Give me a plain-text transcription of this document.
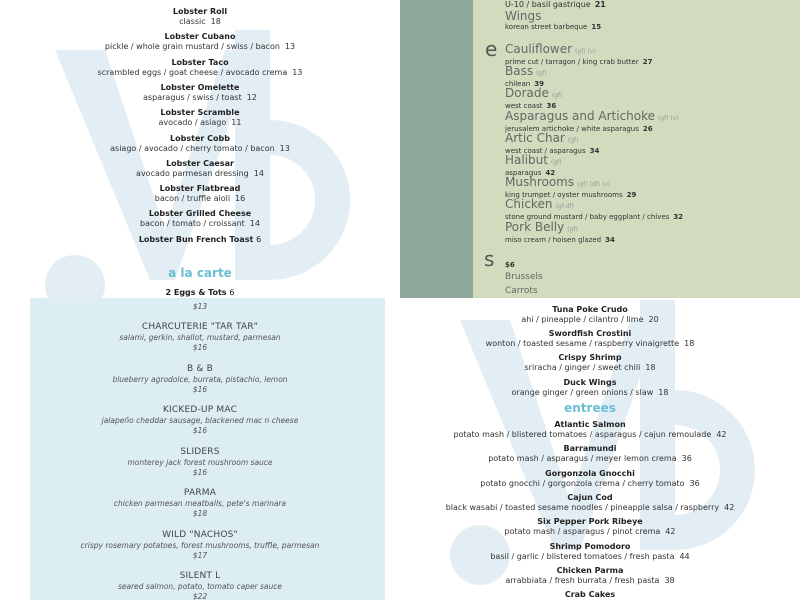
Lobster Roll
classic 18
Lobster Cubano
pickle / whole grain mustard / swiss / bacon 13
Lobster Taco
scrambled eggs / goat cheese / avocado crema 13
Lobster Omelette
asparagus / swiss / toast 12
Lobster Scramble
avocado / asiago 11
Lobster Cobb
asiago / avocado / cherry tomato / bacon 13
Lobster Caesar
avocado parmesan dressing 14
Lobster Flatbread
bacon / truffle aioli 16
Lobster Grilled Cheese
bacon / tomato / croissant 14
Lobster Bun French Toast 6
a la carte
2 Eggs & Tots 6
$13
CHARCUTERIE "TAR TAR"
salami, gerkin, shallot, mustard, parmesan
$16
B & B
blueberry agrodolce, burrata, pistachio, lemon
$16
KICKED-UP MAC
jalapeño cheddar sausage, blackened mac n cheese
$16
SLIDERS
monterey jack forest mushroom sauce
$16
PARMA
chicken parmesan meatballs, pete's marinara
$18
WILD "NACHOS"
crispy rosemary potatoes, forest mushrooms, truffle, parmesan
$17
SILENT L
seared salmon, potato, tomato caper sauce
$22
U-10 / basil gastrique 21
Wings
korean street barbeque 15
e Cauliflower (gf) (v)
prime cut / tarragon / king crab butter 27
Bass (gf)
chilean 39
Dorade (gf)
west coast 36
Asparagus and Artichoke (gf) (v)
jerusalem artichoke / white asparagus 26
Artic Char (gf)
west coast / asparagus 34
Halibut (gf)
asparagus 42
Mushrooms (gf) (df) (v)
king trumpet / oyster mushrooms 29
Chicken (gf-df)
stone ground mustard / baby eggplant / chives 32
Pork Belly (gf)
miso cream / hoisen glazed 34
s $6
Brussels
Carrots
Tuna Poke Crudo
ahi / pineapple / cilantro / lime 20
Swordfish Crostini
wonton / toasted sesame / raspberry vinaigrette 18
Crispy Shrimp
sriracha / ginger / sweet chili 18
Duck Wings
orange ginger / green onions / slaw 18
entrees
Atlantic Salmon
potato mash / blistered tomatoes / asparagus / cajun remoulade 42
Barramundi
potato mash / asparagus / meyer lemon crema 36
Gorgonzola Gnocchi
potato gnocchi / gorgonzola crema / cherry tomato 36
Cajun Cod
black wasabi / toasted sesame noodles / pineapple salsa / raspberry 42
Six Pepper Pork Ribeye
potato mash / asparagus / pinot crema 42
Shrimp Pomodoro
basil / garlic / blistered tomatoes / fresh pasta 44
Chicken Parma
arrabbiata / fresh burrata / fresh pasta 38
Crab Cakes
